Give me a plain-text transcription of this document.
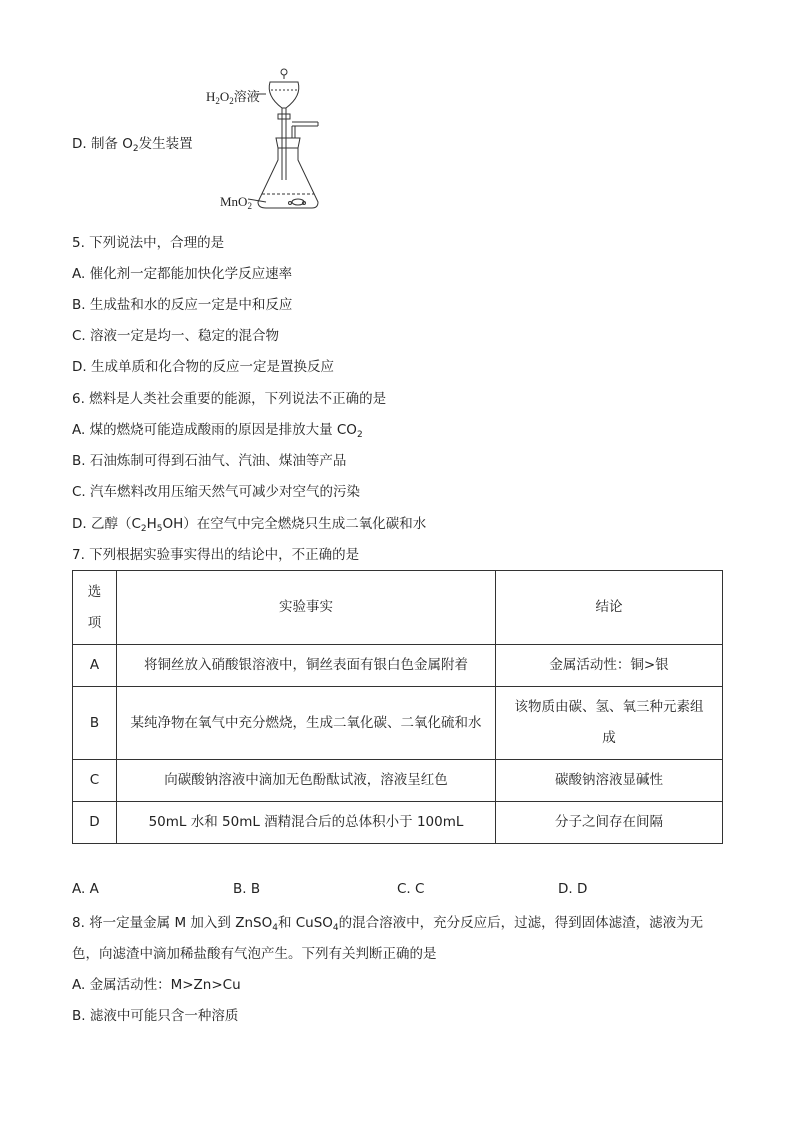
D. 制备 $O_2$发生装置
$H_2O_2$溶液
MnO$_2$
5. 下列说法中，合理的是
A. 催化剂一定都能加快化学反应速率
B. 生成盐和水的反应一定是中和反应
C. 溶液一定是均一、稳定的混合物
D. 生成单质和化合物的反应一定是置换反应
6. 燃料是人类社会重要的能源，下列说法不正确的是
A. 煤的燃烧可能造成酸雨的原因是排放大量 $CO_2$
B. 石油炼制可得到石油气、汽油、煤油等产品
C. 汽车燃料改用压缩天然气可减少对空气的污染
D. 乙醇$(C_2H_5OH)$在空气中完全燃烧只生成二氧化碳和水
7. 下列根据实验事实得出的结论中，不正确的是
选项	实验事实	结论
A	将铜丝放入硝酸银溶液中，铜丝表面有银白色金属附着	金属活动性：铜>银
B	某纯净物在氧气中充分燃烧，生成二氧化碳、二氧化硫和水	该物质由碳、氢、氧三种元素组成
C	向碳酸钠溶液中滴加无色酚酞试液，溶液呈红色	碳酸钠溶液显碱性
D	50mL 水和 50mL 酒精混合后的总体积小于 100mL	分子之间存在间隔
A. A	B. B	C. C	D. D
8. 将一定量金属 M 加入到 ZnSO$_4$和 CuSO$_4$的混合溶液中，充分反应后，过滤，得到固体滤渣，滤液为无
色，向滤渣中滴加稀盐酸有气泡产生。下列有关判断正确的是
A. 金属活动性：M>Zn>Cu
B. 滤液中可能只含一种溶质
